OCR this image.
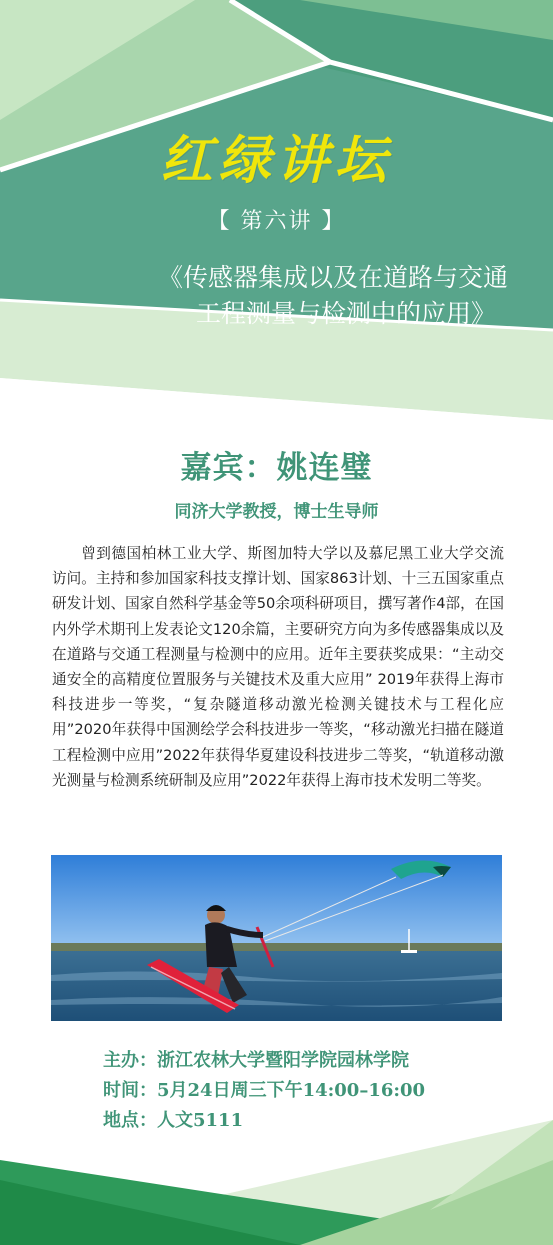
红绿讲坛
【 第六讲 】
《传感器集成以及在道路与交通
工程测量与检测中的应用》
嘉宾：姚连璧
同济大学教授，博士生导师
曾到德国柏林工业大学、斯图加特大学以及慕尼黑工业大学交流访问。主持和参加国家科技支撑计划、国家863计划、十三五国家重点研发计划、国家自然科学基金等50余项科研项目，撰写著作4部，在国内外学术期刊上发表论文120余篇，主要研究方向为多传感器集成以及在道路与交通工程测量与检测中的应用。近年主要获奖成果：“主动交通安全的高精度位置服务与关键技术及重大应用” 2019年获得上海市科技进步一等奖，“复杂隧道移动激光检测关键技术与工程化应用”2020年获得中国测绘学会科技进步一等奖，“移动激光扫描在隧道工程检测中应用”2022年获得华夏建设科技进步二等奖，“轨道移动激光测量与检测系统研制及应用”2022年获得上海市技术发明二等奖。
主办：浙江农林大学暨阳学院园林学院
时间：5月24日周三下午14:00–16:00
地点：人文5111
